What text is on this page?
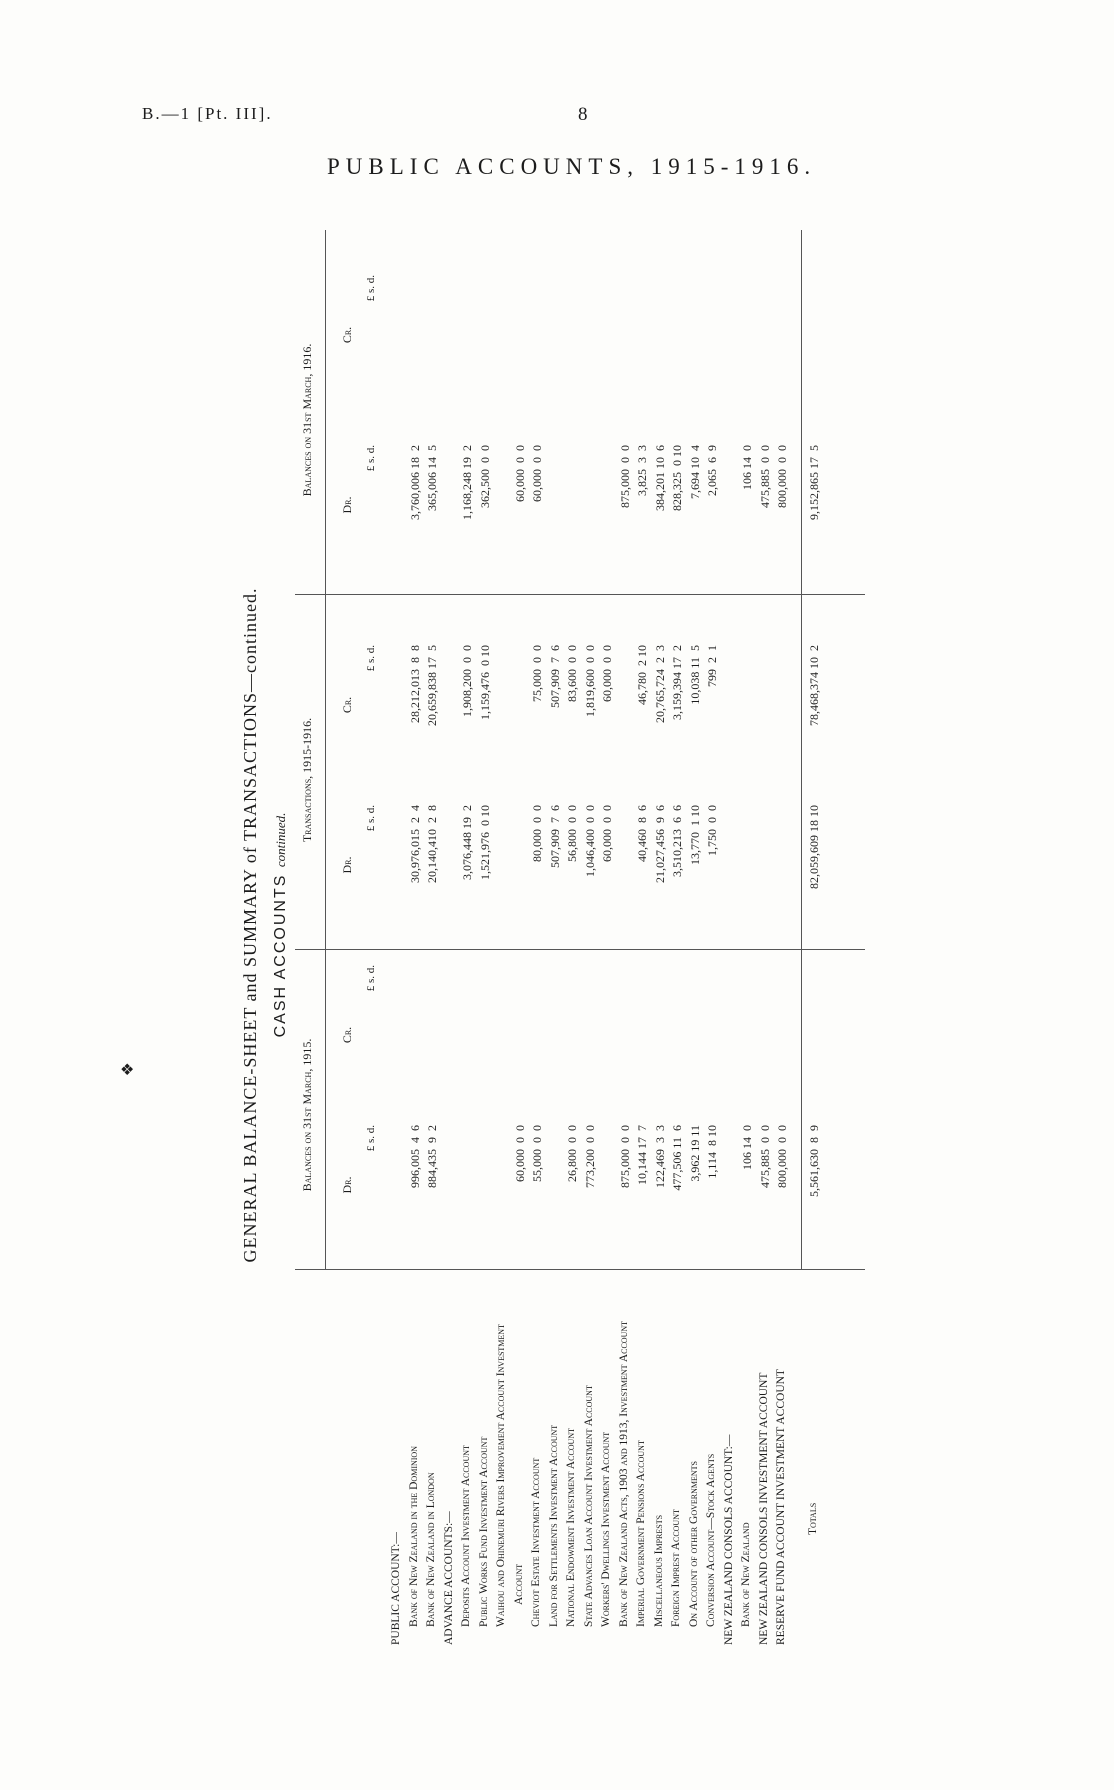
B.—1 [Pt. III].	8
PUBLIC ACCOUNTS, 1915-1916.
❖	GENERAL BALANCE-SHEET and SUMMARY of TRANSACTIONS—continued. CASH ACCOUNTS continued.
Balances on 31st March, 1915.
Transactions, 1915-1916.
Balances on 31st March, 1916.
Dr.
Cr.
Dr.
Cr.
Dr.
Cr.
£ s. d.
£ s. d.
£ s. d.
£ s. d.
£ s. d.
£ s. d.
PUBLIC ACCOUNT:— Bank of New Zealand in the Dominion
996,005  4  6
30,976,015  2  4
28,212,013  8  8
3,760,006 18  2
Bank of New Zealand in London
884,435  9  2
20,140,410  2  8
20,659,838 17  5
365,006 14  5
ADVANCE ACCOUNTS:— Deposits Account Investment Account
3,076,448 19  2
1,908,200  0  0
1,168,248 19  2
Public Works Fund Investment Account
1,521,976  0 10
1,159,476  0 10
362,500  0  0
Waihou and Ohinemuri Rivers Improvement Account Investment Account
60,000  0  0
60,000  0  0
Cheviot Estate Investment Account
55,000  0  0
80,000  0  0
75,000  0  0
60,000  0  0
Land for Settlements Investment Account
507,909  7  6
507,909  7  6
National Endowment Investment Account
26,800  0  0
56,800  0  0
83,600  0  0
State Advances Loan Account Investment Account
773,200  0  0
1,046,400  0  0
1,819,600  0  0
Workers' Dwellings Investment Account
60,000  0  0
60,000  0  0
Bank of New Zealand Acts, 1903 and 1913, Investment Account
875,000  0  0
875,000  0  0
Imperial Government Pensions Account
10,144 17  7
40,460  8  6
46,780  2 10
3,825  3  3
Miscellaneous Imprests
122,469  3  3
21,027,456  9  6
20,765,724  2  3
384,201 10  6
Foreign Imprest Account
477,506 11  6
3,510,213  6  6
3,159,394 17  2
828,325  0 10
On Account of other Governments
3,962 19 11
13,770  1 10
10,038 11  5
7,694 10  4
Conversion Account—Stock Agents
1,114  8 10
1,750  0  0
799  2  1
2,065  6  9
NEW ZEALAND CONSOLS ACCOUNT:— Bank of New Zealand
106 14  0
106 14  0
NEW ZEALAND CONSOLS INVESTMENT ACCOUNT
475,885  0  0
475,885  0  0
RESERVE FUND ACCOUNT INVESTMENT ACCOUNT
800,000  0  0
800,000  0  0
Totals
5,561,630  8  9
82,059,609 18 10
78,468,374 10  2
9,152,865 17  5
